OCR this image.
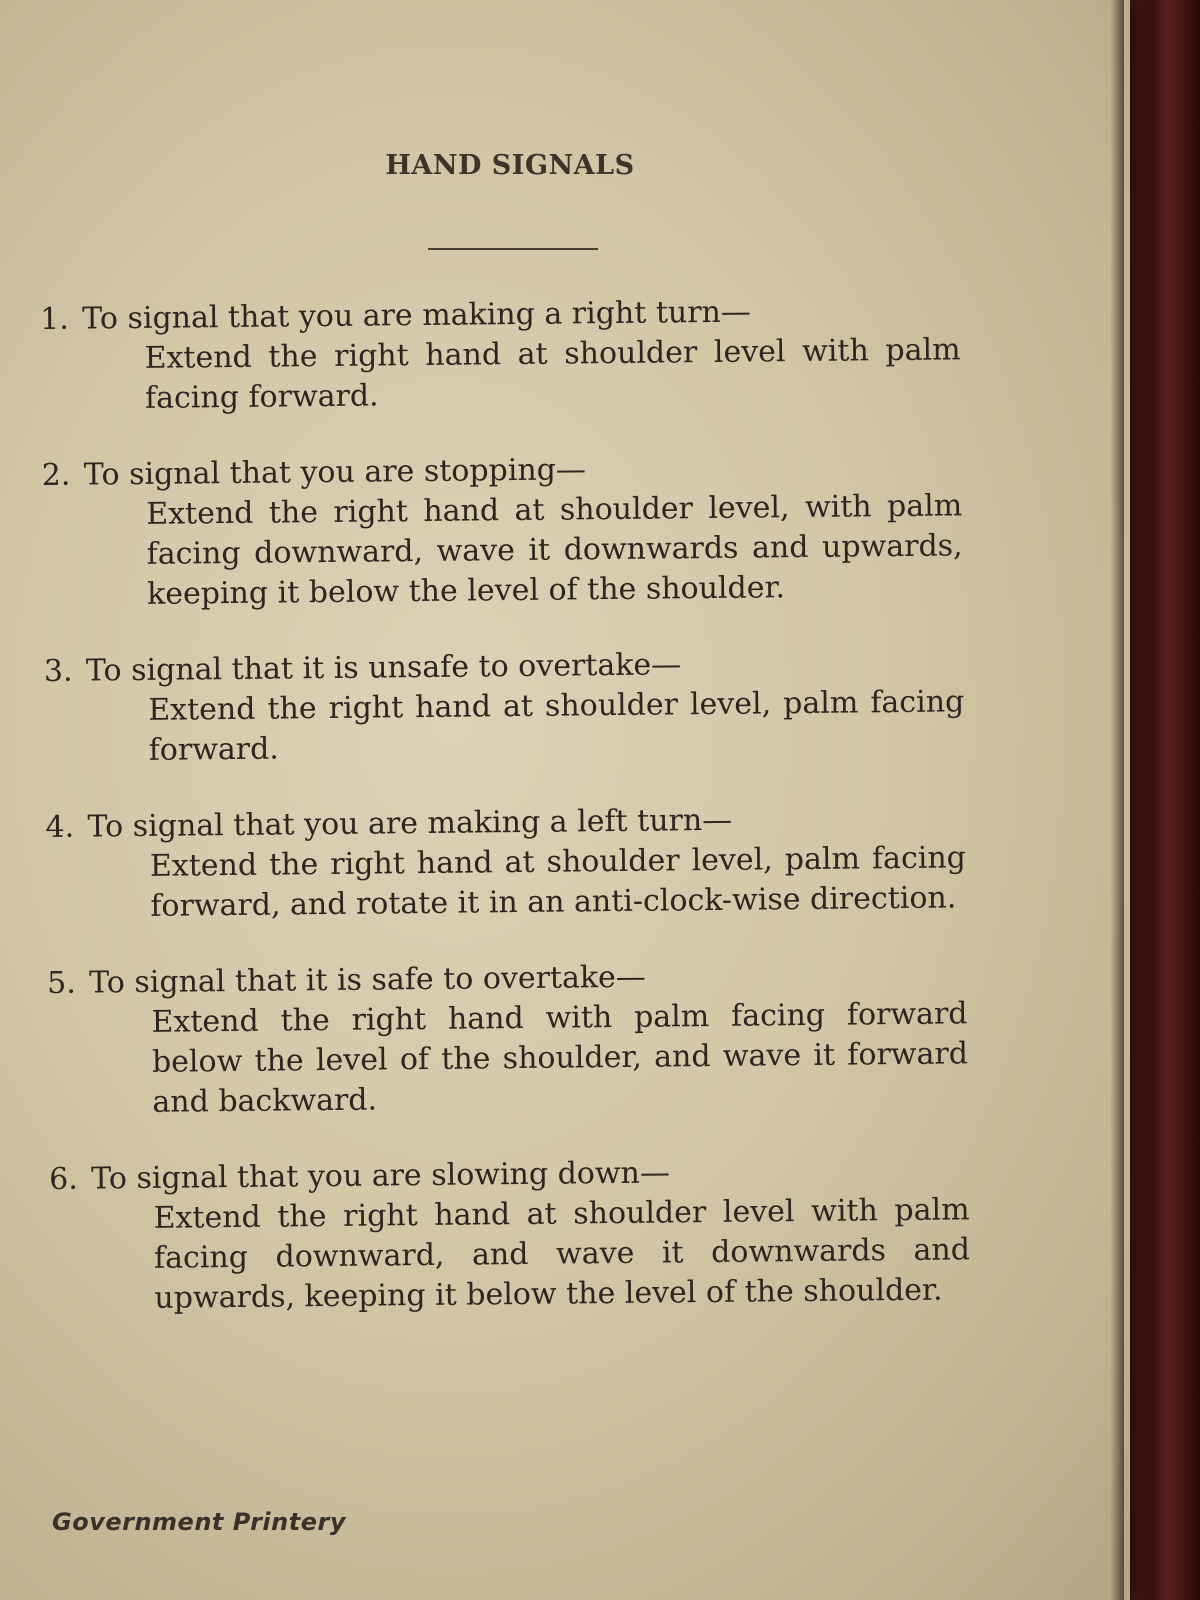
HAND SIGNALS
1. To signal that you are making a right turn—
Extend the right hand at shoulder level with palm facing forward.
2. To signal that you are stopping—
Extend the right hand at shoulder level, with palm facing downward, wave it downwards and upwards, keeping it below the level of the shoulder.
3. To signal that it is unsafe to overtake—
Extend the right hand at shoulder level, palm facing forward.
4. To signal that you are making a left turn—
Extend the right hand at shoulder level, palm facing forward, and rotate it in an anti-clock-wise direction.
5. To signal that it is safe to overtake—
Extend the right hand with palm facing forward below the level of the shoulder, and wave it forward and backward.
6. To signal that you are slowing down—
Extend the right hand at shoulder level with palm facing downward, and wave it downwards and upwards, keeping it below the level of the shoulder.
Government Printery
